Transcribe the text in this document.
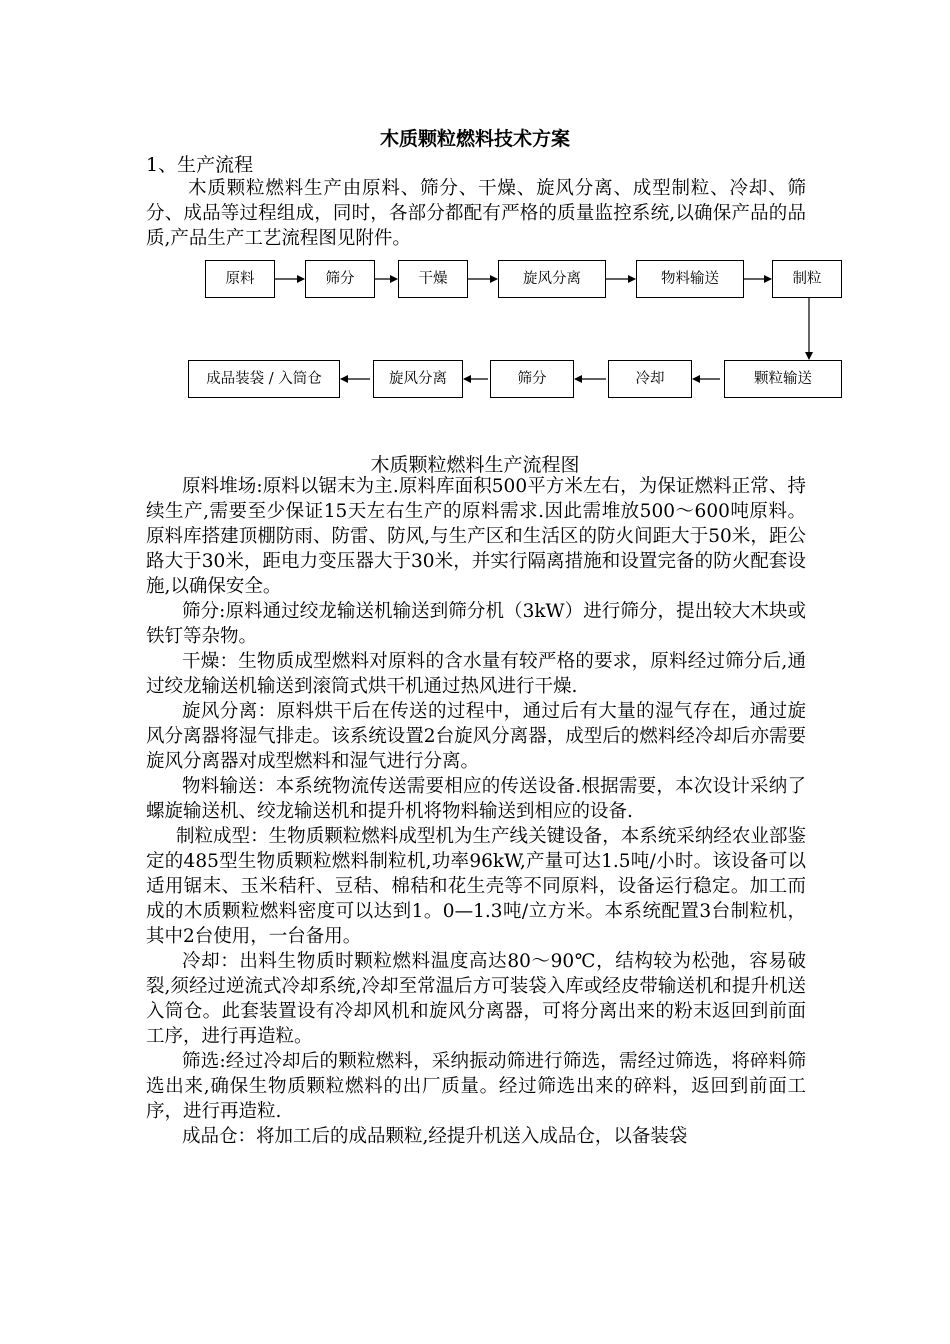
木质颗粒燃料技术方案
1、生产流程
木质颗粒燃料生产由原料、筛分、干燥、旋风分离、成型制粒、冷却、筛分、成品等过程组成，同时，各部分都配有严格的质量监控系统,以确保产品的品质,产品生产工艺流程图见附件。
原料	筛分	干燥	旋风分离	物料输送	制粒
颗粒输送
冷却
筛分
旋风分离
成品装袋 / 入筒仓
木质颗粒燃料生产流程图

原料堆场:原料以锯末为主.原料库面积500平方米左右，为保证燃料正常、持续生产,需要至少保证15天左右生产的原料需求.因此需堆放500～600吨原料。原料库搭建顶棚防雨、防雷、防风,与生产区和生活区的防火间距大于50米，距公路大于30米，距电力变压器大于30米，并实行隔离措施和设置完备的防火配套设施,以确保安全。

筛分:原料通过绞龙输送机输送到筛分机（3kW）进行筛分，提出较大木块或铁钉等杂物。

干燥：生物质成型燃料对原料的含水量有较严格的要求，原料经过筛分后,通过绞龙输送机输送到滚筒式烘干机通过热风进行干燥.

旋风分离：原料烘干后在传送的过程中，通过后有大量的湿气存在，通过旋风分离器将湿气排走。该系统设置2台旋风分离器，成型后的燃料经冷却后亦需要旋风分离器对成型燃料和湿气进行分离。

物料输送：本系统物流传送需要相应的传送设备.根据需要，本次设计采纳了螺旋输送机、绞龙输送机和提升机将物料输送到相应的设备.

制粒成型：生物质颗粒燃料成型机为生产线关键设备，本系统采纳经农业部鉴定的485型生物质颗粒燃料制粒机,功率96kW,产量可达1.5吨/小时。该设备可以适用锯末、玉米秸秆、豆秸、棉秸和花生壳等不同原料，设备运行稳定。加工而成的木质颗粒燃料密度可以达到1。0—1.3吨/立方米。本系统配置3台制粒机，其中2台使用，一台备用。

冷却：出料生物质时颗粒燃料温度高达80～90℃，结构较为松弛，容易破裂,须经过逆流式冷却系统,冷却至常温后方可装袋入库或经皮带输送机和提升机送入筒仓。此套装置设有冷却风机和旋风分离器，可将分离出来的粉末返回到前面工序，进行再造粒。

筛选:经过冷却后的颗粒燃料，采纳振动筛进行筛选，需经过筛选，将碎料筛选出来,确保生物质颗粒燃料的出厂质量。经过筛选出来的碎料，返回到前面工序，进行再造粒.

成品仓：将加工后的成品颗粒,经提升机送入成品仓，以备装袋
